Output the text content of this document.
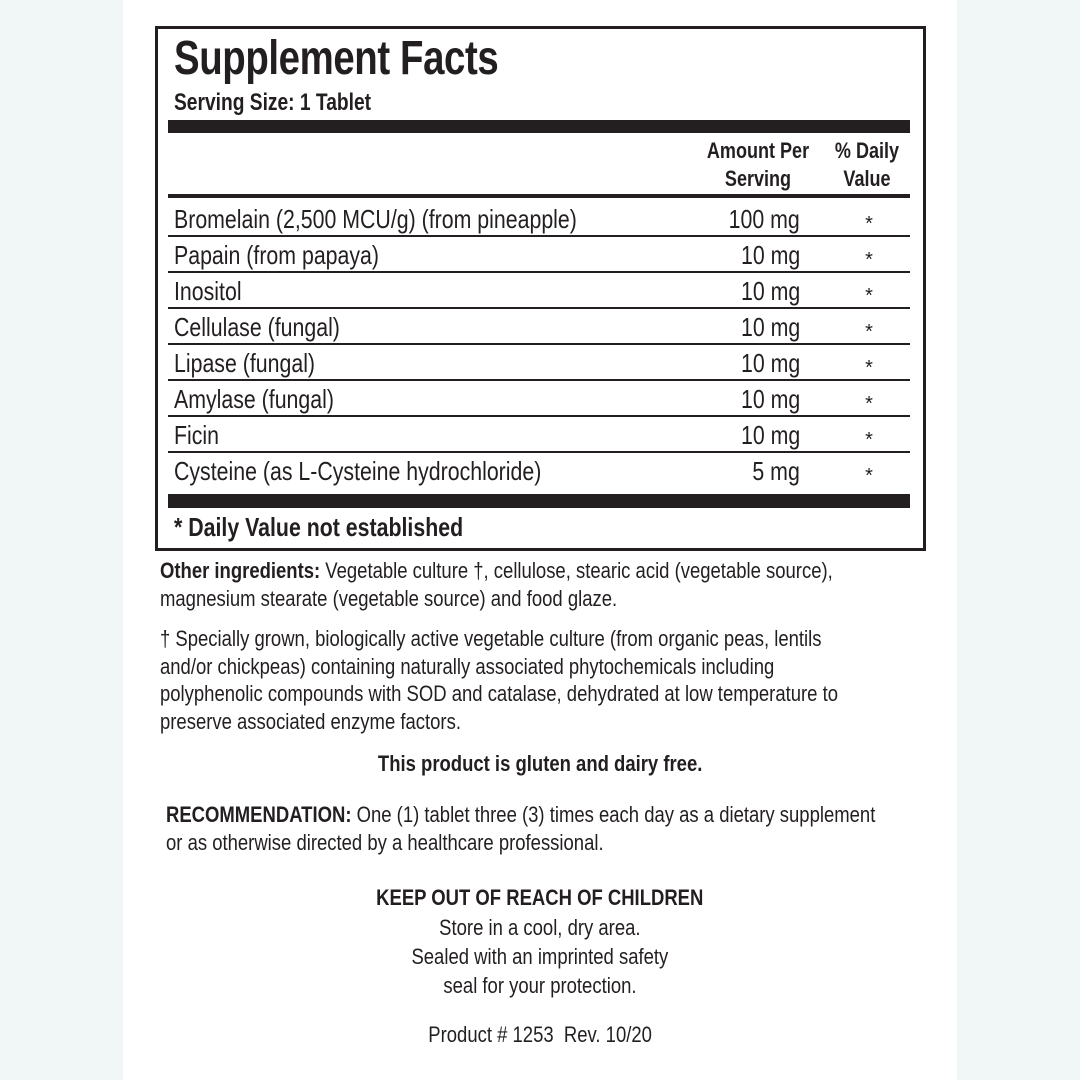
Supplement Facts
Serving Size: 1 Tablet
Amount Per
Serving
% Daily
Value
Bromelain (2,500 MCU/g) (from pineapple)	100 mg	*
Papain (from papaya)	10 mg	*
Inositol	10 mg	*
Cellulase (fungal)	10 mg	*
Lipase (fungal)	10 mg	*
Amylase (fungal)	10 mg	*
Ficin	10 mg	*
Cysteine (as L-Cysteine hydrochloride)	5 mg	*
* Daily Value not established
Other ingredients: Vegetable culture †, cellulose, stearic acid (vegetable source),
magnesium stearate (vegetable source) and food glaze.
† Specially grown, biologically active vegetable culture (from organic peas, lentils
and/or chickpeas) containing naturally associated phytochemicals including
polyphenolic compounds with SOD and catalase, dehydrated at low temperature to
preserve associated enzyme factors.
This product is gluten and dairy free.
RECOMMENDATION: One (1) tablet three (3) times each day as a dietary supplement
or as otherwise directed by a healthcare professional.
KEEP OUT OF REACH OF CHILDREN
Store in a cool, dry area.
Sealed with an imprinted safety
seal for your protection.
Product # 1253  Rev. 10/20
